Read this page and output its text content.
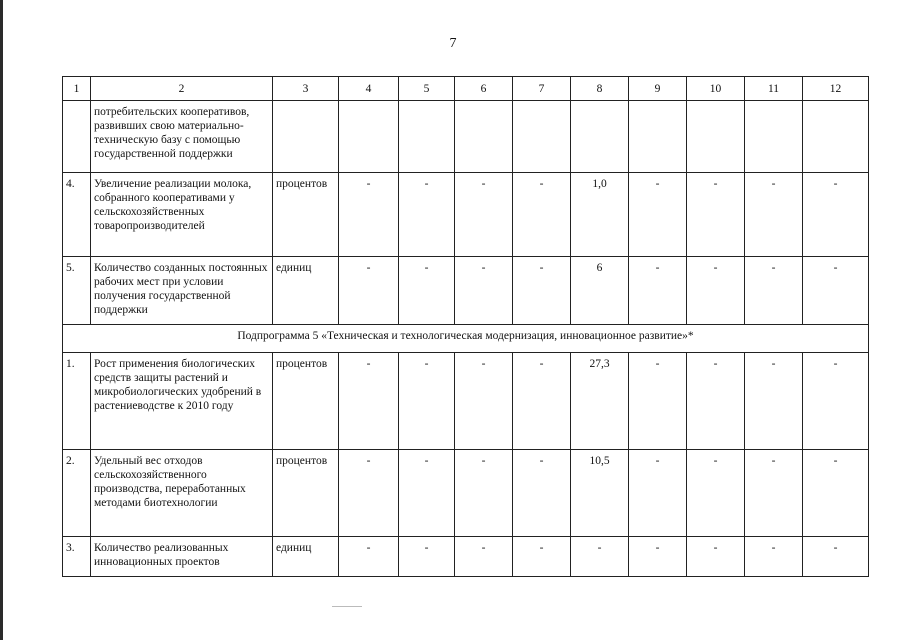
7
1	2	3	4	5	6	7	8	9	10	11	12
	потребительских кооперативов, развивших свою материально-техническую базу с помощью государственной поддержки										
4.	Увеличение реализации молока, собранного кооперативами у сельскохозяйственных товаропроизводителей	процентов	-	-	-	-	1,0	-	-	-	-
5.	Количество созданных постоянных рабочих мест при условии получения государственной поддержки	единиц	-	-	-	-	6	-	-	-	-
Подпрограмма 5 «Техническая и технологическая модернизация, инновационное развитие»*											
1.	Рост применения биологических средств защиты растений и микробиологических удобрений в растениеводстве к 2010 году	процентов	-	-	-	-	27,3	-	-	-	-
2.	Удельный вес отходов сельскохозяйственного производства, переработанных методами биотехнологии	процентов	-	-	-	-	10,5	-	-	-	-
3.	Количество реализованных инновационных проектов	единиц	-	-	-	-	-	-	-	-	-
